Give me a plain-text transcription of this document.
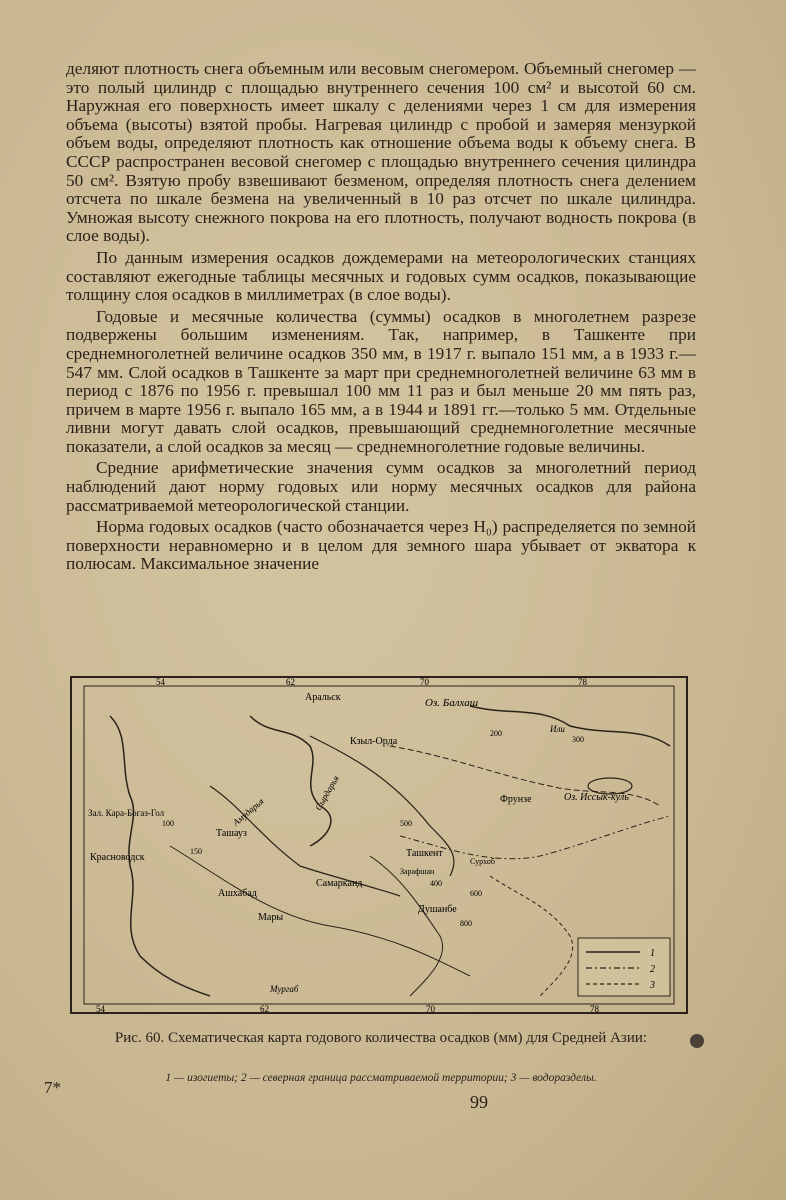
деляют плотность снега объемным или весовым снегомером. Объемный снегомер — это полый цилиндр с площадью внутреннего сечения 100 см² и высотой 60 см. Наружная его поверхность имеет шкалу с делениями через 1 см для измерения объема (высоты) взятой пробы. Нагревая цилиндр с пробой и замеряя мензуркой объем воды, определяют плотность как отношение объема воды к объему снега. В СССР распространен весовой снегомер с площадью внутреннего сечения цилиндра 50 см². Взятую пробу взвешивают безменом, определяя плотность снега делением отсчета по шкале безмена на увеличенный в 10 раз отсчет по шкале цилиндра. Умножая высоту снежного покрова на его плотность, получают водность покрова (в слое воды).

По данным измерения осадков дождемерами на метеорологических станциях составляют ежегодные таблицы месячных и годовых сумм осадков, показывающие толщину слоя осадков в миллиметрах (в слое воды).

Годовые и месячные количества (суммы) осадков в многолетнем разрезе подвержены большим изменениям. Так, например, в Ташкенте при среднемноголетней величине осадков 350 мм, в 1917 г. выпало 151 мм, а в 1933 г.—547 мм. Слой осадков в Ташкенте за март при среднемноголетней величине 63 мм в период с 1876 по 1956 г. превышал 100 мм 11 раз и был меньше 20 мм пять раз, причем в марте 1956 г. выпало 165 мм, а в 1944 и 1891 гг.—только 5 мм. Отдельные ливни могут давать слой осадков, превышающий среднемноголетние месячные показатели, а слой осадков за месяц — среднемноголетние годовые величины.

Средние арифметические значения сумм осадков за многолетний период наблюдений дают норму годовых или норму месячных осадков для района рассматриваемой метеорологической станции.

Норма годовых осадков (часто обозначается через H₀) распределяется по земной поверхности неравномерно и в целом для земного шара убывает от экватора к полюсам. Максимальное значение

54	62	70	78
54	62	70	78
Аральск	Оз. Балхаш
Кзыл-Орда
Или
Сырдарья	Фрунзе	Оз. Иссык-куль
Зал. Кара-Богаз-Гол
Ташауз
Амударья
Красноводск	Ташкент
Самарканд
Зарафшан
Сурхоб
Душанбе
Ашхабад
Мары
Мургаб
100
150
200
300
400
500
600
800
1
2
3
Рис. 60. Схематическая карта годового количества осадков (мм) для Средней Азии:
1 — изогиеты; 2 — северная граница рассматриваемой территории; 3 — водоразделы.
7*
99
